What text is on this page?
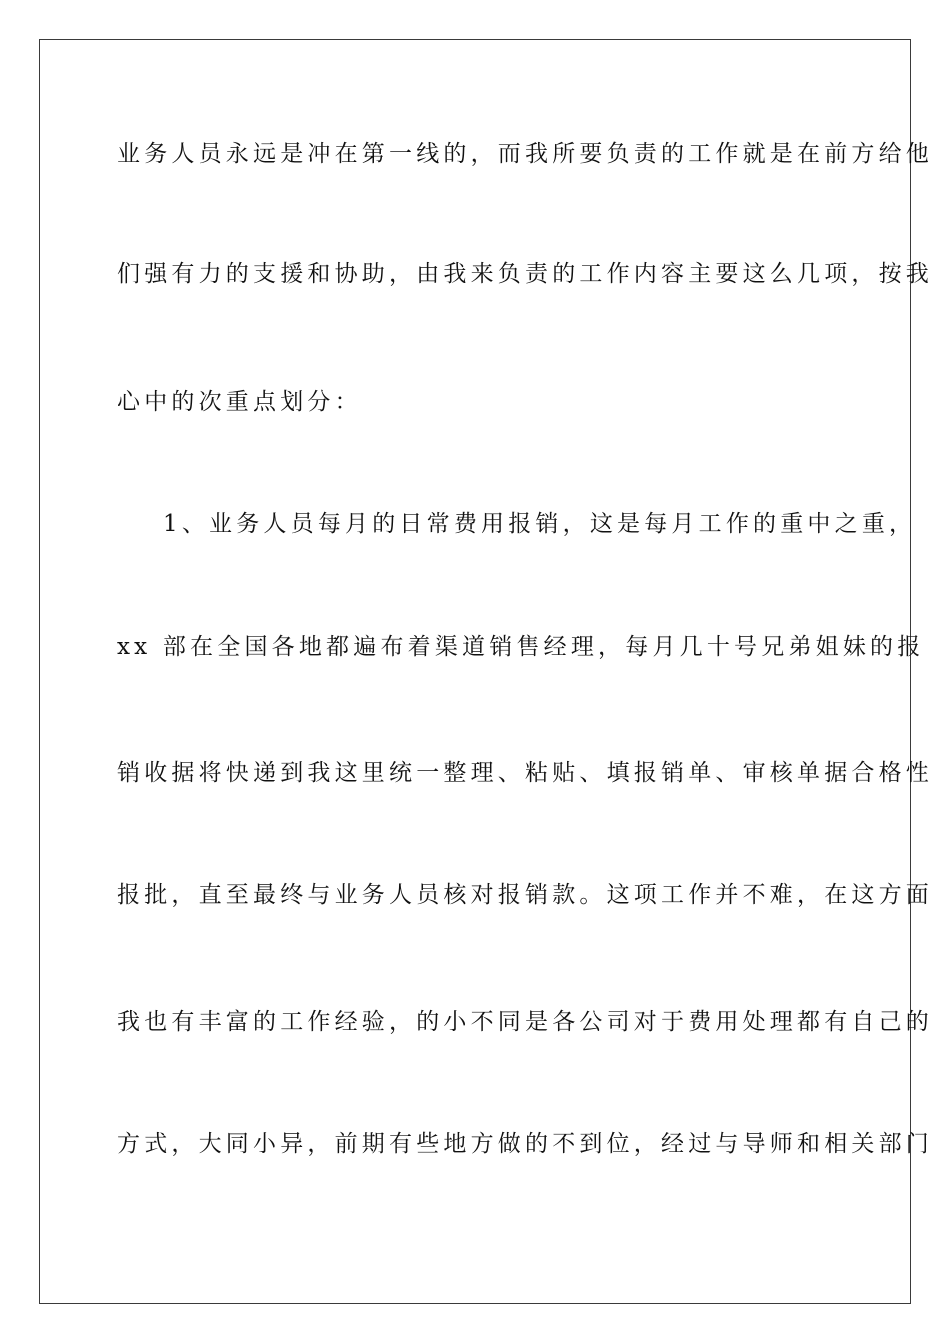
业务人员永远是冲在第一线的，而我所要负责的工作就是在前方给他
们强有力的支援和协助，由我来负责的工作内容主要这么几项，按我
心中的次重点划分：
1、业务人员每月的日常费用报销，这是每月工作的重中之重，
xx 部在全国各地都遍布着渠道销售经理，每月几十号兄弟姐妹的报
销收据将快递到我这里统一整理、粘贴、填报销单、审核单据合格性
报批，直至最终与业务人员核对报销款。这项工作并不难，在这方面
我也有丰富的工作经验，的小不同是各公司对于费用处理都有自己的
方式，大同小异，前期有些地方做的不到位，经过与导师和相关部门
